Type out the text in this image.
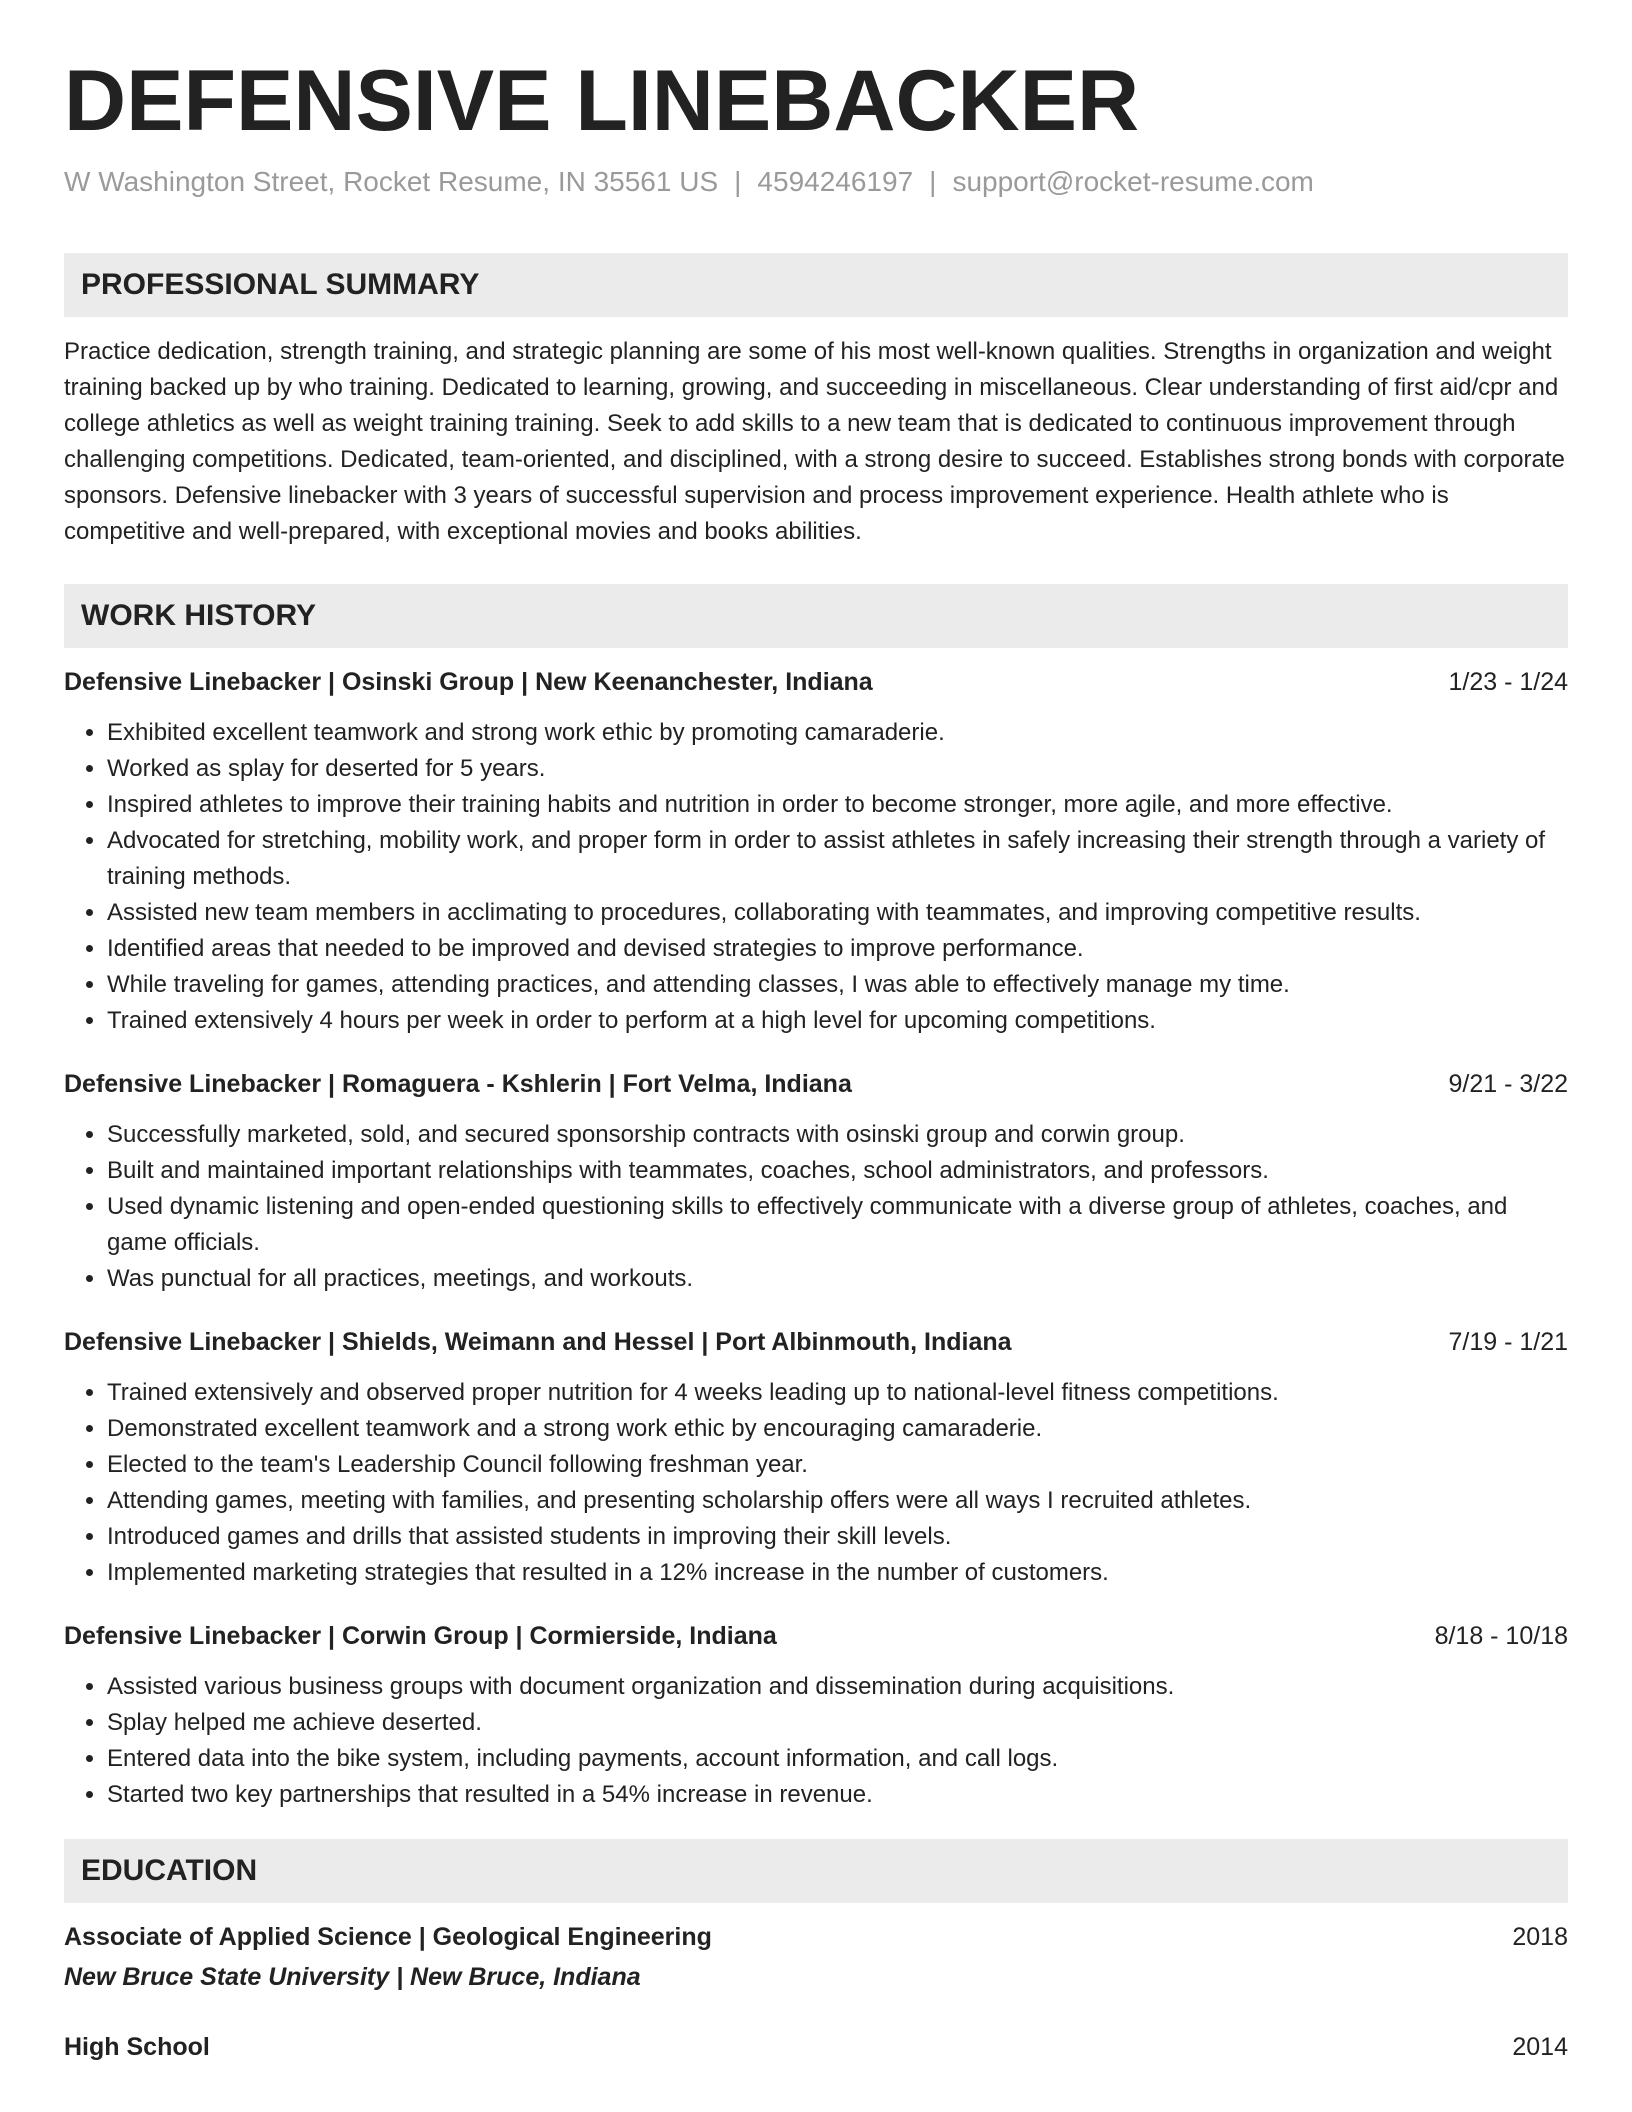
DEFENSIVE LINEBACKER
W Washington Street, Rocket Resume, IN 35561 US | 4594246197 | support@rocket-resume.com
PROFESSIONAL SUMMARY
Practice dedication, strength training, and strategic planning are some of his most well-known qualities. Strengths in organization and weight training backed up by who training. Dedicated to learning, growing, and succeeding in miscellaneous. Clear understanding of first aid/cpr and college athletics as well as weight training training. Seek to add skills to a new team that is dedicated to continuous improvement through challenging competitions. Dedicated, team-oriented, and disciplined, with a strong desire to succeed. Establishes strong bonds with corporate sponsors. Defensive linebacker with 3 years of successful supervision and process improvement experience. Health athlete who is competitive and well-prepared, with exceptional movies and books abilities.
WORK HISTORY
Defensive Linebacker | Osinski Group | New Keenanchester, Indiana	1/23 - 1/24
• Exhibited excellent teamwork and strong work ethic by promoting camaraderie.
• Worked as splay for deserted for 5 years.
• Inspired athletes to improve their training habits and nutrition in order to become stronger, more agile, and more effective.
• Advocated for stretching, mobility work, and proper form in order to assist athletes in safely increasing their strength through a variety of training methods.
• Assisted new team members in acclimating to procedures, collaborating with teammates, and improving competitive results.
• Identified areas that needed to be improved and devised strategies to improve performance.
• While traveling for games, attending practices, and attending classes, I was able to effectively manage my time.
• Trained extensively 4 hours per week in order to perform at a high level for upcoming competitions.
Defensive Linebacker | Romaguera - Kshlerin | Fort Velma, Indiana	9/21 - 3/22
• Successfully marketed, sold, and secured sponsorship contracts with osinski group and corwin group.
• Built and maintained important relationships with teammates, coaches, school administrators, and professors.
• Used dynamic listening and open-ended questioning skills to effectively communicate with a diverse group of athletes, coaches, and game officials.
• Was punctual for all practices, meetings, and workouts.
Defensive Linebacker | Shields, Weimann and Hessel | Port Albinmouth, Indiana	7/19 - 1/21
• Trained extensively and observed proper nutrition for 4 weeks leading up to national-level fitness competitions.
• Demonstrated excellent teamwork and a strong work ethic by encouraging camaraderie.
• Elected to the team's Leadership Council following freshman year.
• Attending games, meeting with families, and presenting scholarship offers were all ways I recruited athletes.
• Introduced games and drills that assisted students in improving their skill levels.
• Implemented marketing strategies that resulted in a 12% increase in the number of customers.
Defensive Linebacker | Corwin Group | Cormierside, Indiana	8/18 - 10/18
• Assisted various business groups with document organization and dissemination during acquisitions.
• Splay helped me achieve deserted.
• Entered data into the bike system, including payments, account information, and call logs.
• Started two key partnerships that resulted in a 54% increase in revenue.
EDUCATION
Associate of Applied Science | Geological Engineering	2018
New Bruce State University | New Bruce, Indiana
High School	2014
